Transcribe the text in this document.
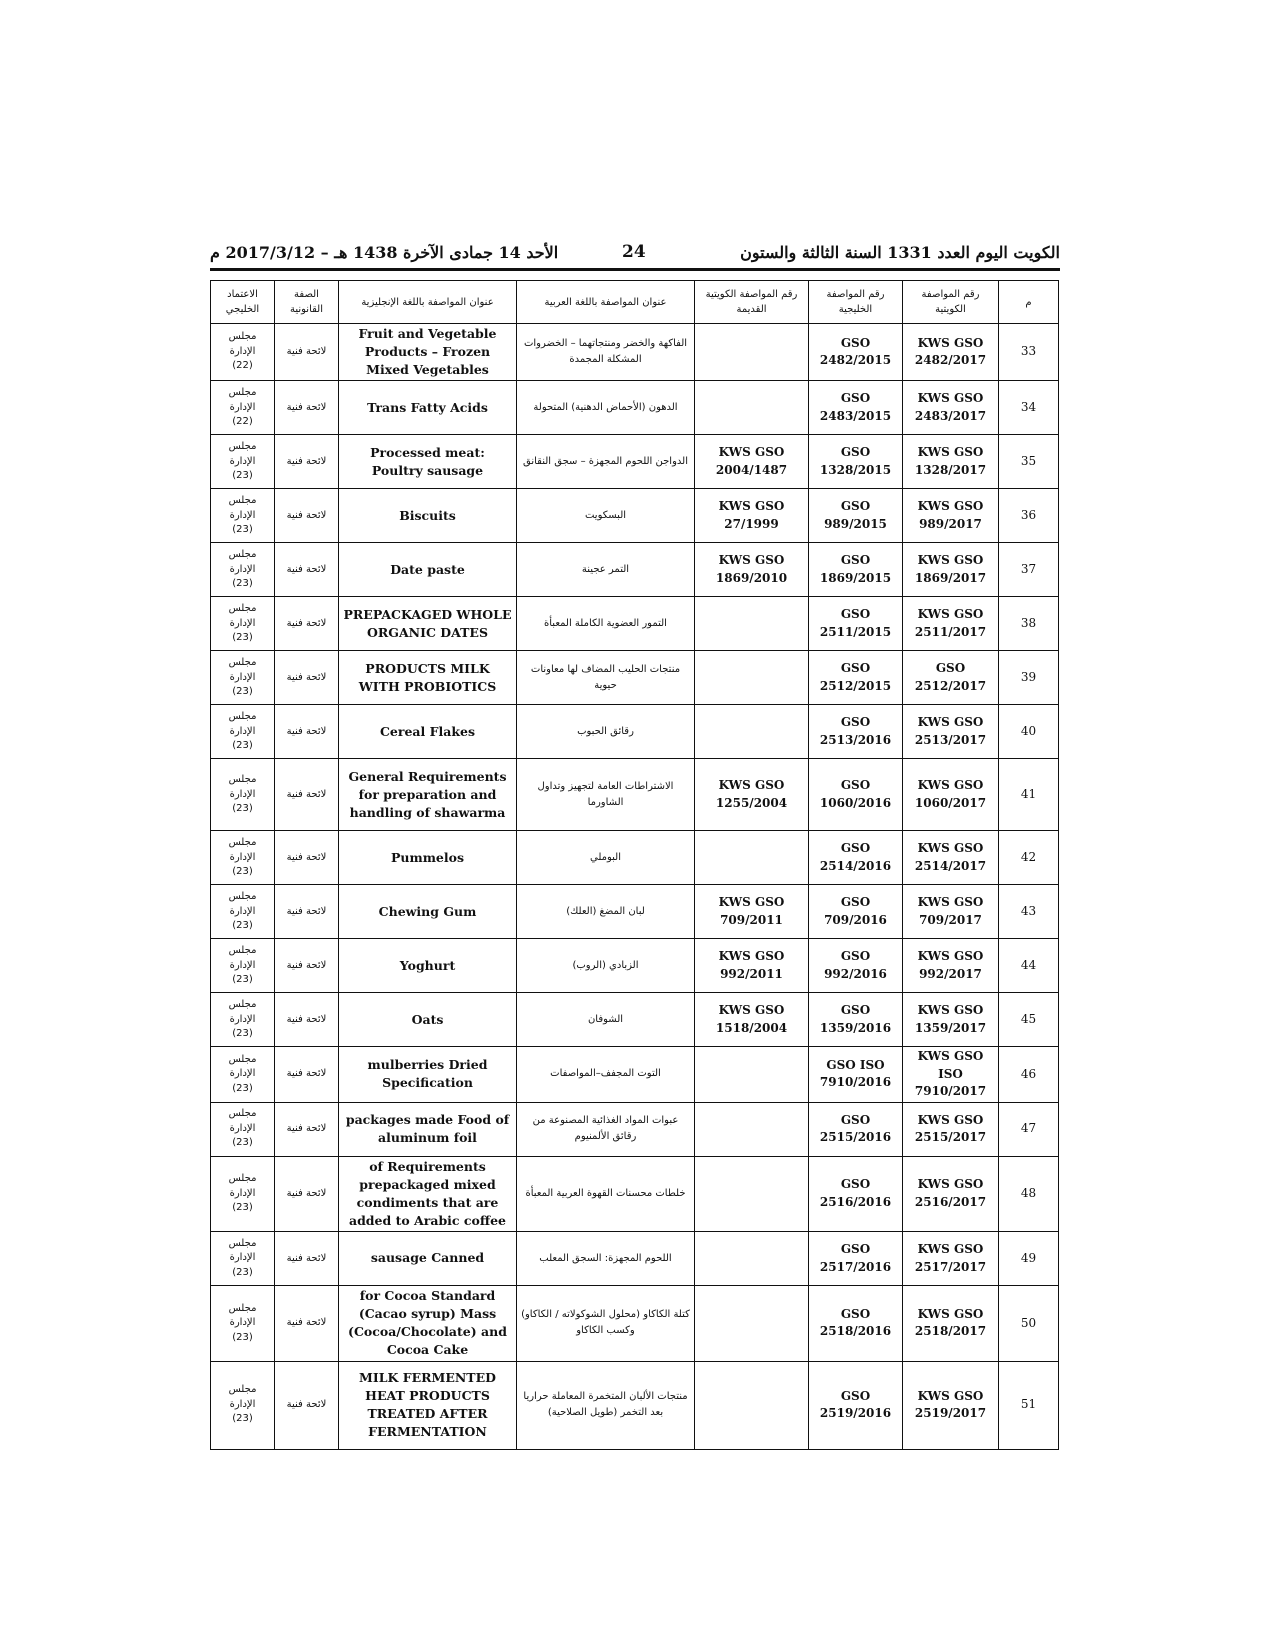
الكويت اليوم العدد 1331 السنة الثالثة والستون
24
الأحد 14 جمادى الآخرة 1438 هـ – 2017/3/12 م
الاعتماد الخليجي	الصفة القانونية	عنوان المواصفة باللغة الإنجليزية	عنوان المواصفة باللغة العربية	رقم المواصفة الكويتية القديمة	رقم المواصفة الخليجية	رقم المواصفة الكويتية	م

مجلس
الإدارة
(22)	لائحة فنية	Fruit and Vegetable Products – Frozen Mixed Vegetables	الفاكهة والخضر ومنتجاتهما – الخضروات المشكلة المجمدة		GSO 2482/2015	KWS GSO 2482/2017	33

مجلس
الإدارة
(22)	لائحة فنية	Trans Fatty Acids	الدهون (الأحماض الدهنية) المتحولة		GSO 2483/2015	KWS GSO 2483/2017	34

مجلس
الإدارة
(23)	لائحة فنية	Processed meat: Poultry sausage	الدواجن اللحوم المجهزة – سجق النقانق	KWS GSO 2004/1487	GSO 1328/2015	KWS GSO 1328/2017	35

مجلس
الإدارة
(23)	لائحة فنية	Biscuits	البسكويت	KWS GSO 27/1999	GSO 989/2015	KWS GSO 989/2017	36

مجلس
الإدارة
(23)	لائحة فنية	Date paste	التمر عجينة	KWS GSO 1869/2010	GSO 1869/2015	KWS GSO 1869/2017	37

مجلس
الإدارة
(23)	لائحة فنية	PREPACKAGED WHOLE ORGANIC DATES	التمور العضوية الكاملة المعبأة		GSO 2511/2015	KWS GSO 2511/2017	38

مجلس
الإدارة
(23)	لائحة فنية	PRODUCTS MILK WITH PROBIOTICS	منتجات الحليب المضاف لها معاونات حيوية		GSO 2512/2015	GSO 2512/2017	39

مجلس
الإدارة
(23)	لائحة فنية	Cereal Flakes	رقائق الحبوب		GSO 2513/2016	KWS GSO 2513/2017	40

مجلس
الإدارة
(23)	لائحة فنية	General Requirements for preparation and handling of shawarma	الاشتراطات العامة لتجهيز وتداول الشاورما	KWS GSO 1255/2004	GSO 1060/2016	KWS GSO 1060/2017	41

مجلس
الإدارة
(23)	لائحة فنية	Pummelos	البوملي		GSO 2514/2016	KWS GSO 2514/2017	42

مجلس
الإدارة
(23)	لائحة فنية	Chewing Gum	لبان المضغ (العلك)	KWS GSO 709/2011	GSO 709/2016	KWS GSO 709/2017	43

مجلس
الإدارة
(23)	لائحة فنية	Yoghurt	الزبادي (الروب)	KWS GSO 992/2011	GSO 992/2016	KWS GSO 992/2017	44

مجلس
الإدارة
(23)	لائحة فنية	Oats	الشوفان	KWS GSO 1518/2004	GSO 1359/2016	KWS GSO 1359/2017	45

مجلس
الإدارة
(23)	لائحة فنية	mulberries Dried Specification	التوت المجفف–المواصفات		GSO ISO 7910/2016	KWS GSO ISO 7910/2017	46

مجلس
الإدارة
(23)	لائحة فنية	packages made Food of aluminum foil	عبوات المواد الغذائية المصنوعة من رقائق الألمنيوم		GSO 2515/2016	KWS GSO 2515/2017	47

مجلس
الإدارة
(23)	لائحة فنية	of Requirements prepackaged mixed condiments that are added to Arabic coffee	خلطات محسنات القهوة العربية المعبأة		GSO 2516/2016	KWS GSO 2516/2017	48

مجلس
الإدارة
(23)	لائحة فنية	sausage Canned	اللحوم المجهزة: السجق المعلب		GSO 2517/2016	KWS GSO 2517/2017	49

مجلس
الإدارة
(23)	لائحة فنية	for Cocoa Standard (Cacao syrup) Mass (Cocoa/Chocolate) and Cocoa Cake	كتلة الكاكاو (محلول الشوكولاته / الكاكاو) وكسب الكاكاو		GSO 2518/2016	KWS GSO 2518/2017	50

مجلس
الإدارة
(23)	لائحة فنية	MILK FERMENTED HEAT PRODUCTS TREATED AFTER FERMENTATION	منتجات الألبان المتخمرة المعاملة حراريا بعد التخمر (طويل الصلاحية)		GSO 2519/2016	KWS GSO 2519/2017	51
